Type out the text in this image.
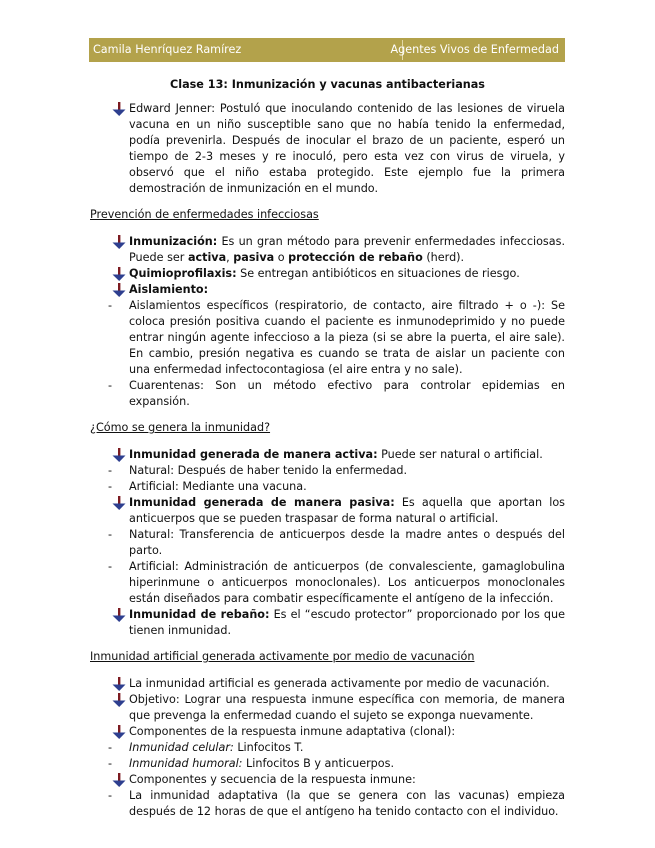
Camila Henríquez Ramírez	Agentes Vivos de Enfermedad
Clase 13: Inmunización y vacunas antibacterianas
Edward Jenner: Postuló que inoculando contenido de las lesiones de viruela vacuna en un niño susceptible sano que no había tenido la enfermedad, podía prevenirla. Después de inocular el brazo de un paciente, esperó un tiempo de 2-3 meses y re inoculó, pero esta vez con virus de viruela, y observó que el niño estaba protegido. Este ejemplo fue la primera demostración de inmunización en el mundo.
Prevención de enfermedades infecciosas
Inmunización: Es un gran método para prevenir enfermedades infecciosas. Puede ser activa, pasiva o protección de rebaño (herd).
Quimioprofilaxis: Se entregan antibióticos en situaciones de riesgo.
Aislamiento:
-	Aislamientos específicos (respiratorio, de contacto, aire filtrado + o -): Se coloca presión positiva cuando el paciente es inmunodeprimido y no puede entrar ningún agente infeccioso a la pieza (si se abre la puerta, el aire sale). En cambio, presión negativa es cuando se trata de aislar un paciente con una enfermedad infectocontagiosa (el aire entra y no sale).
-	Cuarentenas: Son un método efectivo para controlar epidemias en expansión.
¿Cómo se genera la inmunidad?
Inmunidad generada de manera activa: Puede ser natural o artificial.
-	Natural: Después de haber tenido la enfermedad.
-	Artificial: Mediante una vacuna.
Inmunidad generada de manera pasiva: Es aquella que aportan los anticuerpos que se pueden traspasar de forma natural o artificial.
-	Natural: Transferencia de anticuerpos desde la madre antes o después del parto.
-	Artificial: Administración de anticuerpos (de convalesciente, gamaglobulina hiperinmune o anticuerpos monoclonales). Los anticuerpos monoclonales están diseñados para combatir específicamente el antígeno de la infección.
Inmunidad de rebaño: Es el “escudo protector” proporcionado por los que tienen inmunidad.
Inmunidad artificial generada activamente por medio de vacunación
La inmunidad artificial es generada activamente por medio de vacunación.
Objetivo: Lograr una respuesta inmune específica con memoria, de manera que prevenga la enfermedad cuando el sujeto se exponga nuevamente.
Componentes de la respuesta inmune adaptativa (clonal):
-	Inmunidad celular: Linfocitos T.
-	Inmunidad humoral: Linfocitos B y anticuerpos.
Componentes y secuencia de la respuesta inmune:
-	La inmunidad adaptativa (la que se genera con las vacunas) empieza después de 12 horas de que el antígeno ha tenido contacto con el individuo.
